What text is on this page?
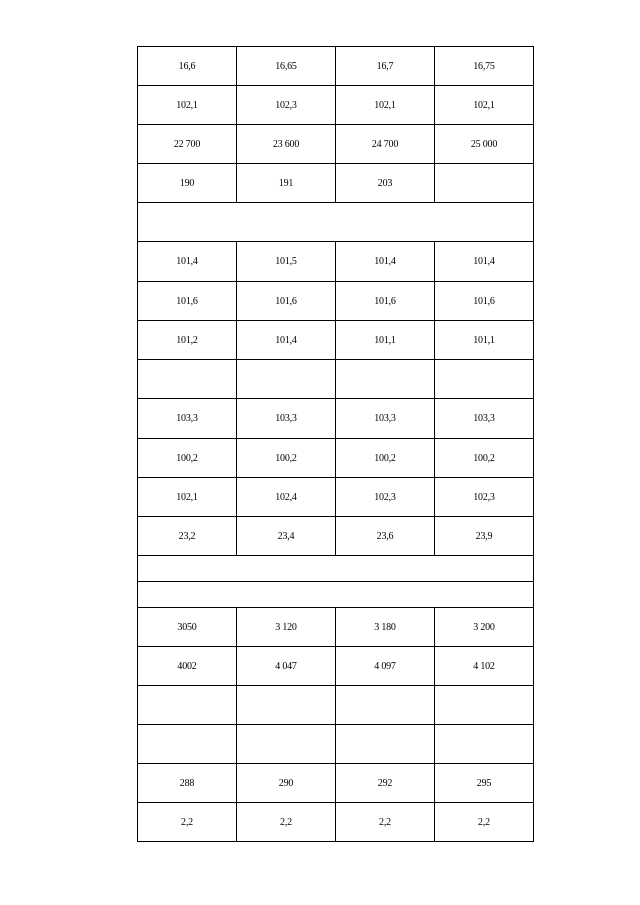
16,6	16,65	16,7	16,75
102,1	102,3	102,1	102,1
22 700	23 600	24 700	25 000
190	191	203	

101,4	101,5	101,4	101,4
101,6	101,6	101,6	101,6
101,2	101,4	101,1	101,1

103,3	103,3	103,3	103,3
100,2	100,2	100,2	100,2
102,1	102,4	102,3	102,3
23,2	23,4	23,6	23,9

3050	3 120	3 180	3 200
4002	4 047	4 097	4 102

288	290	292	295
2,2	2,2	2,2	2,2
